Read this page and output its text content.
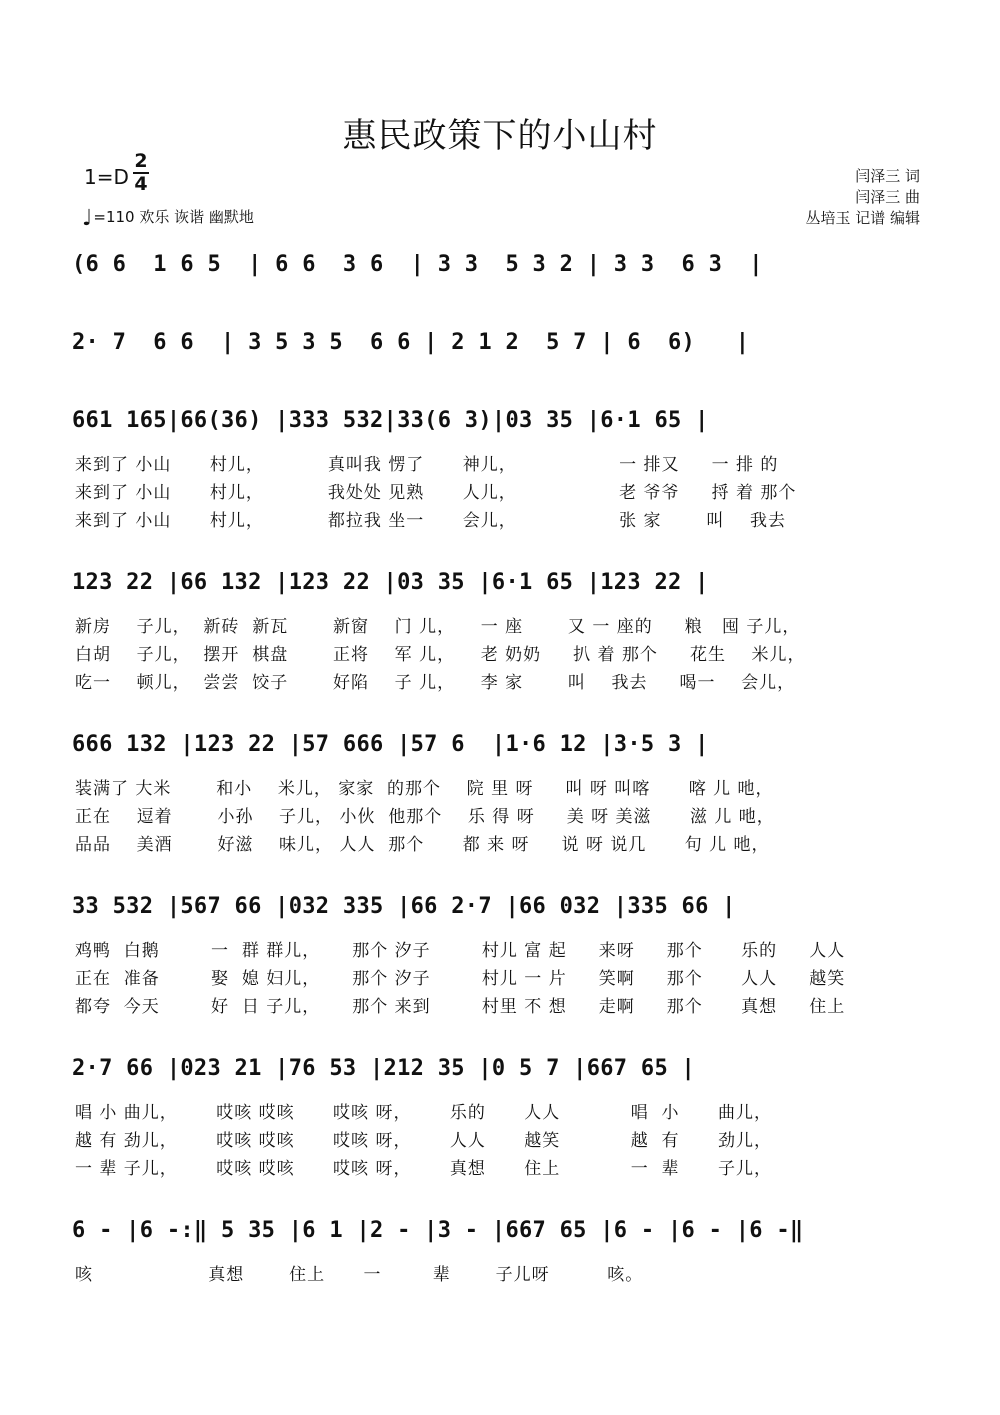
惠民政策下的小山村
1=D
2
4
♩=110 欢乐 诙谐 幽默地
闫泽三 词
闫泽三 曲
丛培玉 记谱 编辑
(6 6  1 6 5  | 6 6  3 6  | 3 3  5 3 2 | 3 3  6 3  |
2· 7  6 6  | 3 5 3 5  6 6 | 2 1 2  5 7 | 6  6)   |
661 165|66(36) |333 532|33(6 3)|03 35 |6·1 65 |
来到了 小山      村儿，          真叫我 愣了      神儿，                一 排又     一 排 的
来到了 小山      村儿，          我处处 见熟      人儿，                老 爷爷     捋 着 那个
来到了 小山      村儿，          都拉我 坐一      会儿，                张 家       叫    我去
123 22 |66 132 |123 22 |03 35 |6·1 65 |123 22 |
新房    子儿，  新砖  新瓦       新窗    门 儿，    一 座       又 一 座的     粮   囤 子儿，
白胡    子儿，  摆开  棋盘       正将    军 儿，    老 奶奶     扒 着 那个     花生    米儿，
吃一    顿儿，  尝尝  饺子       好陷    子 儿，    李 家       叫    我去     喝一    会儿，
666 132 |123 22 |57 666 |57 6  |1·6 12 |3·5 3 |
装满了 大米       和小    米儿， 家家  的那个    院 里 呀     叫 呀 叫喀      喀 儿 吔，
正在    逗着       小孙    子儿， 小伙  他那个    乐 得 呀     美 呀 美滋      滋 儿 吔，
品品    美酒       好滋    味儿， 人人  那个      都 来 呀     说 呀 说几      句 儿 吔，
33 532 |567 66 |032 335 |66 2·7 |66 032 |335 66 |
鸡鸭  白鹅        一  群 群儿，     那个 汐子        村儿 富 起     来呀     那个      乐的     人人
正在  准备        娶  媳 妇儿，     那个 汐子        村儿 一 片     笑啊     那个      人人     越笑
都夸  今天        好  日 子儿，     那个 来到        村里 不 想     走啊     那个      真想     住上
2·7 66 |023 21 |76 53 |212 35 |0 5 7 |667 65 |
唱 小 曲儿，      哎咳 哎咳      哎咳 呀，      乐的      人人           唱  小      曲儿，
越 有 劲儿，      哎咳 哎咳      哎咳 呀，      人人      越笑           越  有      劲儿，
一 辈 子儿，      哎咳 哎咳      哎咳 呀，      真想      住上           一  辈      子儿，
6 - |6 -:‖ 5 35 |6 1 |2 - |3 - |667 65 |6 - |6 - |6 -‖
咳                  真想       住上      一        辈       子儿呀         咳。
